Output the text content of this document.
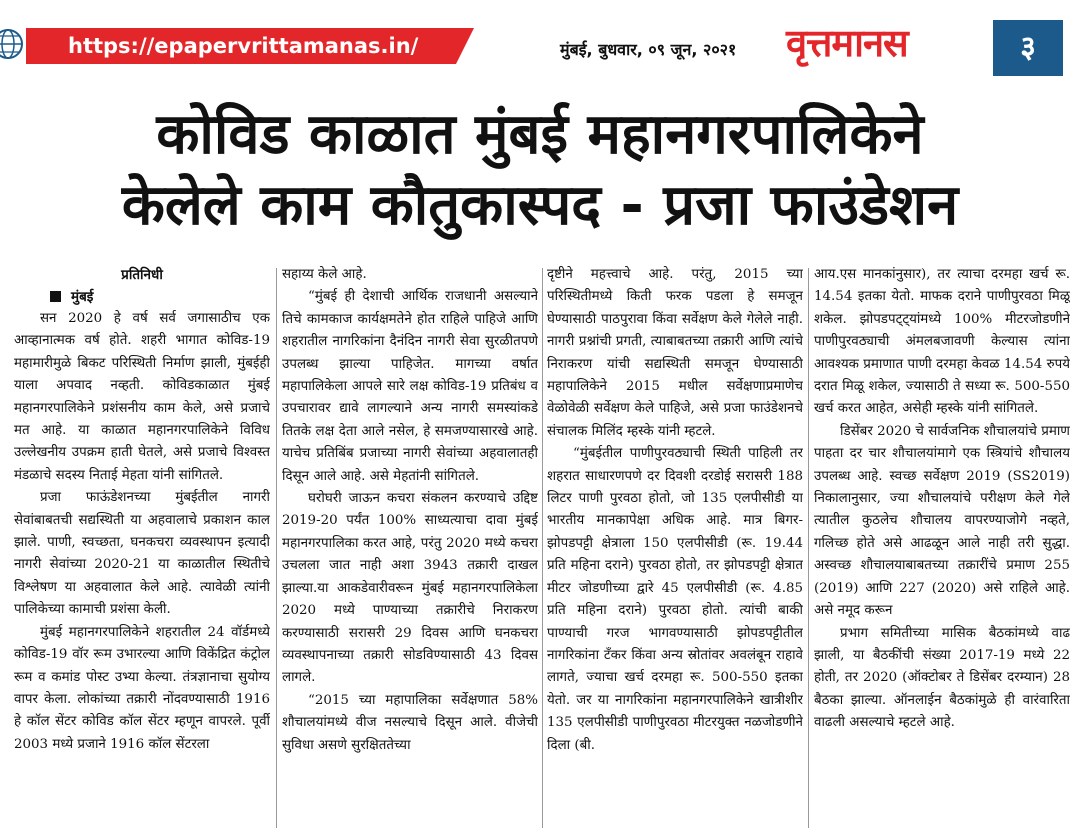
https://epapervrittamanas.in/	मुंबई, बुधवार, ०९ जून, २०२१ वृत्तमानस	३
कोविड काळात मुंबई महानगरपालिकेने
केलेले काम कौतुकास्पद - प्रजा फाउंडेशन
प्रतिनिधी
मुंबई

सन 2020 हे वर्ष सर्व जगासाठीच एक आव्हानात्मक वर्ष होते. शहरी भागात कोविड-19 महामारीमुळे बिकट परिस्थिती निर्माण झाली, मुंबईही याला अपवाद नव्हती. कोविडकाळात मुंबई महानगरपालिकेने प्रशंसनीय काम केले, असे प्रजाचे मत आहे. या काळात महानगरपालिकेने विविध उल्लेखनीय उपक्रम हाती घेतले, असे प्रजाचे विश्वस्त मंडळाचे सदस्य निताई मेहता यांनी सांगितले.

प्रजा फाऊंडेशनच्या मुंबईतील नागरी सेवांबाबतची सद्यस्थिती या अहवालाचे प्रकाशन काल झाले. पाणी, स्वच्छता, घनकचरा व्यवस्थापन इत्यादी नागरी सेवांच्या 2020-21 या काळातील स्थितीचे विश्लेषण या अहवालात केले आहे. त्यावेळी त्यांनी पालिकेच्या कामाची प्रशंसा केली.

मुंबई महानगरपालिकेने शहरातील 24 वॉर्डमध्ये कोविड-19 वॉर रूम उभारल्या आणि विकेंद्रित कंट्रोल रूम व कमांड पोस्ट उभ्या केल्या. तंत्रज्ञानाचा सुयोग्य वापर केला. लोकांच्या तक्रारी नोंदवण्यासाठी 1916 हे कॉल सेंटर कोविड कॉल सेंटर म्हणून वापरले. पूर्वी 2003 मध्ये प्रजाने 1916 कॉल सेंटरला

सहाय्य केले आहे.

“मुंबई ही देशाची आर्थिक राजधानी असल्याने तिचे कामकाज कार्यक्षमतेने होत राहिले पाहिजे आणि शहरातील नागरिकांना दैनंदिन नागरी सेवा सुरळीतपणे उपलब्ध झाल्या पाहिजेत. मागच्या वर्षात महापालिकेला आपले सारे लक्ष कोविड-19 प्रतिबंध व उपचारावर द्यावे लागल्याने अन्य नागरी समस्यांकडे तितके लक्ष देता आले नसेल, हे समजण्यासारखे आहे. याचेच प्रतिबिंब प्रजाच्या नागरी सेवांच्या अहवालातही दिसून आले आहे. असे मेहतांनी सांगितले.

घरोघरी जाऊन कचरा संकलन करण्याचे उद्दिष्ट 2019-20 पर्यंत 100% साध्यत्याचा दावा मुंबई महानगरपालिका करत आहे, परंतु 2020 मध्ये कचरा उचलला जात नाही अशा 3943 तक्रारी दाखल झाल्या.या आकडेवारीवरून मुंबई महानगरपालिकेला 2020 मध्ये पाण्याच्या तक्रारीचे निराकरण करण्यासाठी सरासरी 29 दिवस आणि घनकचरा व्यवस्थापनाच्या तक्रारी सोडविण्यासाठी 43 दिवस लागले.

“2015 च्या महापालिका सर्वेक्षणात 58% शौचालयांमध्ये वीज नसल्याचे दिसून आले. वीजेची सुविधा असणे सुरक्षिततेच्या

दृष्टीने महत्त्वाचे आहे. परंतु, 2015 च्या परिस्थितीमध्ये किती फरक पडला हे समजून घेण्यासाठी पाठपुरावा किंवा सर्वेक्षण केले गेलेले नाही. नागरी प्रश्नांची प्रगती, त्याबाबतच्या तक्रारी आणि त्यांचे निराकरण यांची सद्यस्थिती समजून घेण्यासाठी महापालिकेने 2015 मधील सर्वेक्षणाप्रमाणेच वेळोवेळी सर्वेक्षण केले पाहिजे, असे प्रजा फाउंडेशनचे संचालक मिलिंद म्हस्के यांनी म्हटले.

“मुंबईतील पाणीपुरवठ्याची स्थिती पाहिली तर शहरात साधारणपणे दर दिवशी दरडोई सरासरी 188 लिटर पाणी पुरवठा होतो, जो 135 एलपीसीडी या भारतीय मानकापेक्षा अधिक आहे. मात्र बिगर-झोपडपट्टी क्षेत्राला 150 एलपीसीडी (रू. 19.44 प्रति महिना दराने) पुरवठा होतो, तर झोपडपट्टी क्षेत्रात मीटर जोडणीच्या द्वारे 45 एलपीसीडी (रू. 4.85 प्रति महिना दराने) पुरवठा होतो. त्यांची बाकी पाण्याची गरज भागवण्यासाठी झोपडपट्टीतील नागरिकांना टँकर किंवा अन्य स्रोतांवर अवलंबून राहावे लागते, ज्याचा खर्च दरमहा रू. 500-550 इतका येतो. जर या नागरिकांना महानगरपालिकेने खात्रीशीर 135 एलपीसीडी पाणीपुरवठा मीटरयुक्त नळजोडणीने दिला (बी.

आय.एस मानकांनुसार), तर त्याचा दरमहा खर्च रू. 14.54 इतका येतो. माफक दराने पाणीपुरवठा मिळू शकेल. झोपडपट्ट्यांमध्ये 100% मीटरजोडणीने पाणीपुरवठ्याची अंमलबजावणी केल्यास त्यांना आवश्यक प्रमाणात पाणी दरमहा केवळ 14.54 रुपये दरात मिळू शकेल, ज्यासाठी ते सध्या रू. 500-550 खर्च करत आहेत, असेही म्हस्के यांनी सांगितले.

डिसेंबर 2020 चे सार्वजनिक शौचालयांचे प्रमाण पाहता दर चार शौचालयांमागे एक स्त्रियांचे शौचालय उपलब्ध आहे. स्वच्छ सर्वेक्षण 2019 (SS2019) निकालानुसार, ज्या शौचालयांचे परीक्षण केले गेले त्यातील कुठलेच शौचालय वापरण्याजोगे नव्हते, गलिच्छ होते असे आढळून आले नाही तरी सुद्धा. अस्वच्छ शौचालयाबाबतच्या तक्रारींचे प्रमाण 255 (2019) आणि 227 (2020) असे राहिले आहे. असे नमूद करून

प्रभाग समितीच्या मासिक बैठकांमध्ये वाढ झाली, या बैठकींची संख्या 2017-19 मध्ये 22 होती, तर 2020 (ऑक्टोबर ते डिसेंबर दरम्यान) 28 बैठका झाल्या. ऑनलाईन बैठकांमुळे ही वारंवारिता वाढली असल्याचे म्हटले आहे.
